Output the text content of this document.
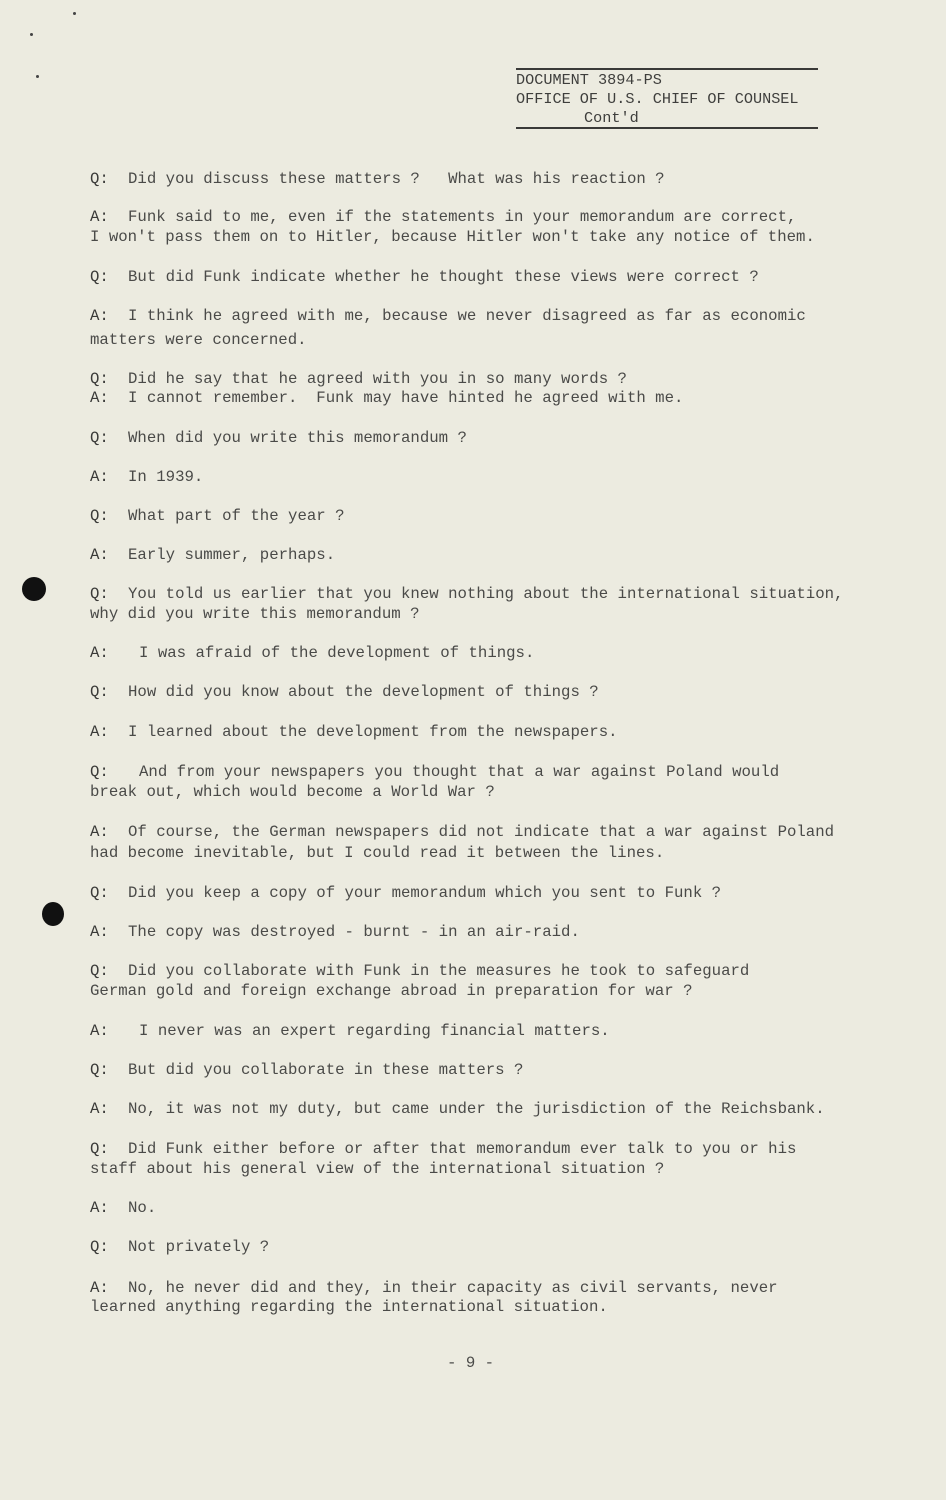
DOCUMENT 3894-PS
OFFICE OF U.S. CHIEF OF COUNSEL
Cont'd
Q: Did you discuss these matters ?   What was his reaction ?
A: Funk said to me, even if the statements in your memorandum are correct,
I won't pass them on to Hitler, because Hitler won't take any notice of them.
Q: But did Funk indicate whether he thought these views were correct ?
A: I think he agreed with me, because we never disagreed as far as economic
matters were concerned.
Q: Did he say that he agreed with you in so many words ?
A: I cannot remember.  Funk may have hinted he agreed with me.
Q: When did you write this memorandum ?
A: In 1939.
Q: What part of the year ?
A: Early summer, perhaps.
Q: You told us earlier that you knew nothing about the international situation,
why did you write this memorandum ?
A: I was afraid of the development of things.
Q: How did you know about the development of things ?
A: I learned about the development from the newspapers.
Q: And from your newspapers you thought that a war against Poland would
break out, which would become a World War ?
A: Of course, the German newspapers did not indicate that a war against Poland
had become inevitable, but I could read it between the lines.
Q: Did you keep a copy of your memorandum which you sent to Funk ?
A: The copy was destroyed - burnt - in an air-raid.
Q: Did you collaborate with Funk in the measures he took to safeguard
German gold and foreign exchange abroad in preparation for war ?
A: I never was an expert regarding financial matters.
Q: But did you collaborate in these matters ?
A: No, it was not my duty, but came under the jurisdiction of the Reichsbank.
Q: Did Funk either before or after that memorandum ever talk to you or his
staff about his general view of the international situation ?
A: No.
Q: Not privately ?
A: No, he never did and they, in their capacity as civil servants, never
learned anything regarding the international situation.
- 9 -
